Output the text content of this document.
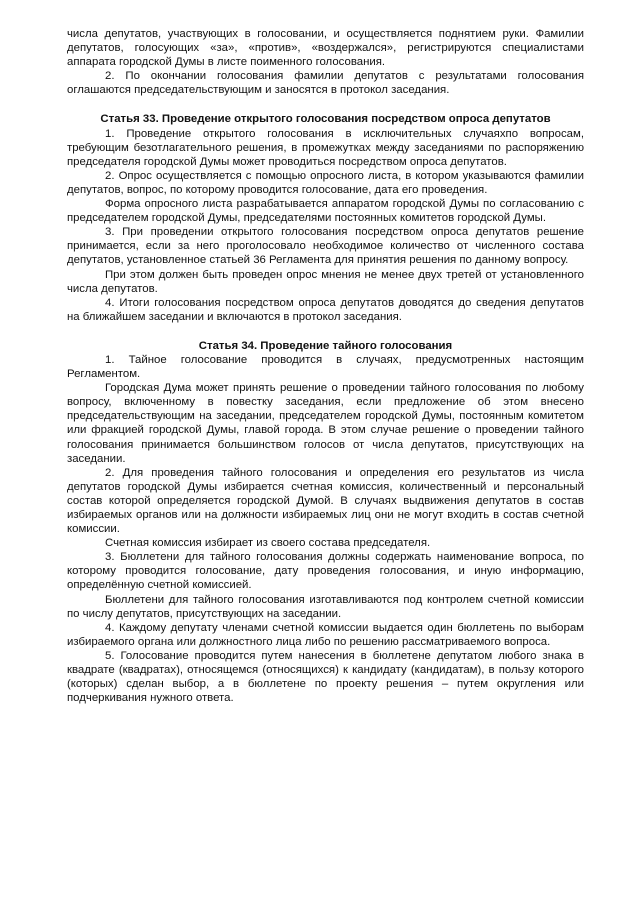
числа депутатов, участвующих в голосовании, и осуществляется поднятием руки. Фамилии депутатов, голосующих «за», «против», «воздержался», регистрируются специалистами аппарата городской Думы в листе поименного голосования.

2. По окончании голосования фамилии депутатов с результатами голосования оглашаются председательствующим и заносятся в протокол заседания.

Статья 33. Проведение открытого голосования посредством опроса депутатов

1. Проведение открытого голосования в исключительных случаяхпо вопросам, требующим безотлагательного решения, в промежутках между заседаниями по распоряжению председателя городской Думы может проводиться посредством опроса депутатов.

2. Опрос осуществляется с помощью опросного листа, в котором указываются фамилии депутатов, вопрос, по которому проводится голосование, дата его проведения.

Форма опросного листа разрабатывается аппаратом городской Думы по согласованию с председателем городской Думы, председателями постоянных комитетов городской Думы.

3. При проведении открытого голосования посредством опроса депутатов решение принимается, если за него проголосовало необходимое количество от численного состава депутатов, установленное статьей 36 Регламента для принятия решения по данному вопросу.

При этом должен быть проведен опрос мнения не менее двух третей от установленного числа депутатов.

4. Итоги голосования посредством опроса депутатов доводятся до сведения депутатов на ближайшем заседании и включаются в протокол заседания.

Статья 34. Проведение тайного голосования

1. Тайное голосование проводится в случаях, предусмотренных настоящим Регламентом.

Городская Дума может принять решение о проведении тайного голосования по любому вопросу, включенному в повестку заседания, если предложение об этом внесено председательствующим на заседании, председателем городской Думы, постоянным комитетом или фракцией городской Думы, главой города. В этом случае решение о проведении тайного голосования принимается большинством голосов от числа депутатов, присутствующих на заседании.

2. Для проведения тайного голосования и определения его результатов из числа депутатов городской Думы избирается счетная комиссия, количественный и персональный состав которой определяется городской Думой. В случаях выдвижения депутатов в состав избираемых органов или на должности избираемых лиц они не могут входить в состав счетной комиссии.

Счетная комиссия избирает из своего состава председателя.

3. Бюллетени для тайного голосования должны содержать наименование вопроса, по которому проводится голосование, дату проведения голосования, и иную информацию, определённую счетной комиссией.

Бюллетени для тайного голосования изготавливаются под контролем счетной комиссии по числу депутатов, присутствующих на заседании.

4. Каждому депутату членами счетной комиссии выдается один бюллетень по выборам избираемого органа или должностного лица либо по решению рассматриваемого вопроса.

5. Голосование проводится путем нанесения в бюллетене депутатом любого знака в квадрате (квадратах), относящемся (относящихся) к кандидату (кандидатам), в пользу которого (которых) сделан выбор, а в бюллетене по проекту решения – путем округления или подчеркивания нужного ответа.
